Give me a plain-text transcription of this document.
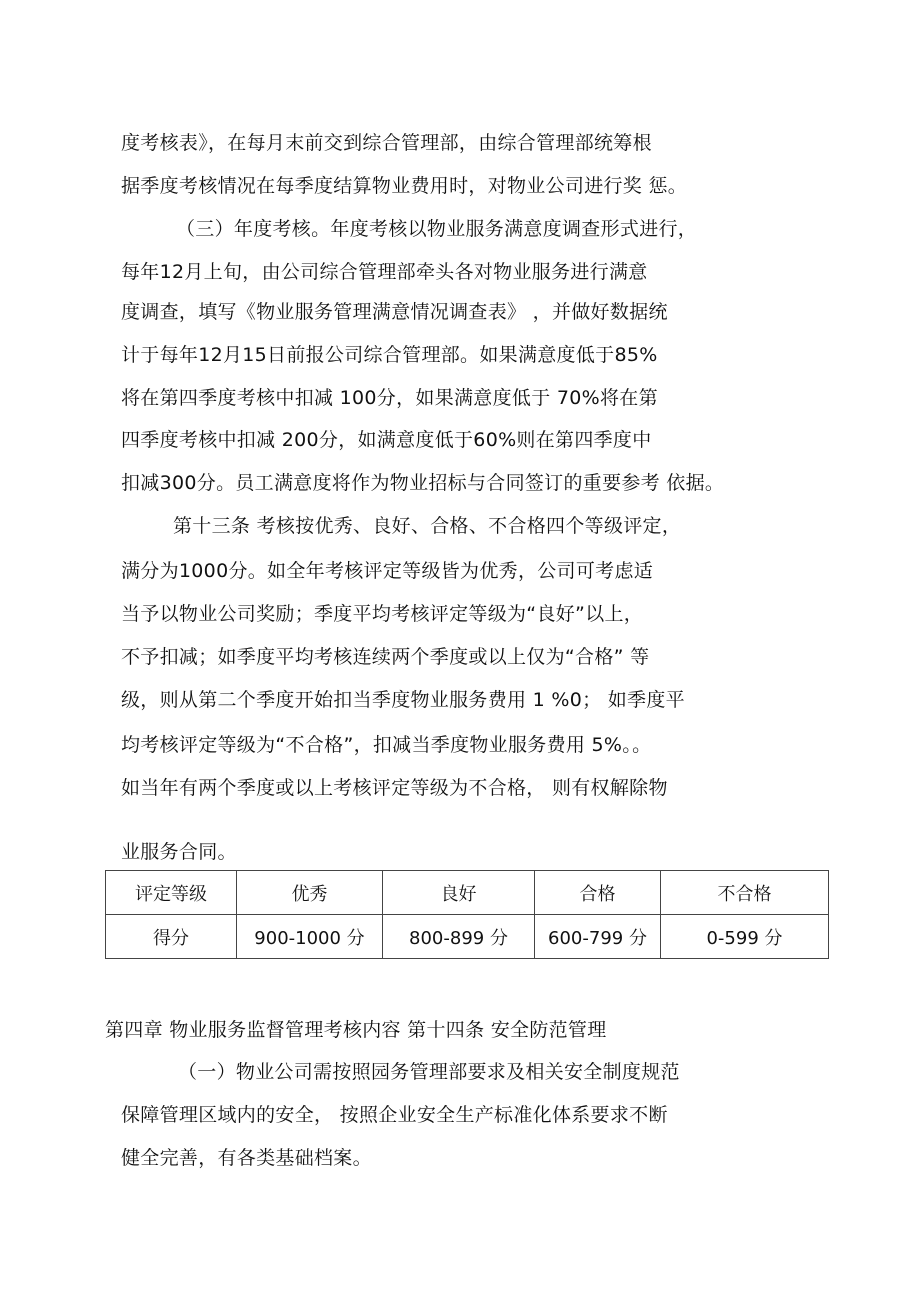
度考核表》，在每月末前交到综合管理部，由综合管理部统筹根
据季度考核情况在每季度结算物业费用时，对物业公司进行奖 惩。
（三）年度考核。年度考核以物业服务满意度调查形式进行，
每年12月上旬，由公司综合管理部牵头各对物业服务进行满意
度调查，填写《物业服务管理满意情况调查表》 ，并做好数据统
计于每年12月15日前报公司综合管理部。如果满意度低于85%
将在第四季度考核中扣减 100分，如果满意度低于 70%将在第
四季度考核中扣减 200分，如满意度低于60%则在第四季度中
扣减300分。员工满意度将作为物业招标与合同签订的重要参考 依据。
第十三条 考核按优秀、良好、合格、不合格四个等级评定，
满分为1000分。如全年考核评定等级皆为优秀，公司可考虑适
当予以物业公司奖励；季度平均考核评定等级为“良好”以上，
不予扣减；如季度平均考核连续两个季度或以上仅为“合格” 等
级，则从第二个季度开始扣当季度物业服务费用 1 %0； 如季度平
均考核评定等级为“不合格”，扣减当季度物业服务费用 5%。。
如当年有两个季度或以上考核评定等级为不合格， 则有权解除物
业服务合同。
评定等级	优秀	良好	合格	不合格
得分	900-1000 分	800-899 分	600-799 分	0-599 分
第四章 物业服务监督管理考核内容 第十四条 安全防范管理
（一）物业公司需按照园务管理部要求及相关安全制度规范
保障管理区域内的安全， 按照企业安全生产标准化体系要求不断
健全完善，有各类基础档案。
